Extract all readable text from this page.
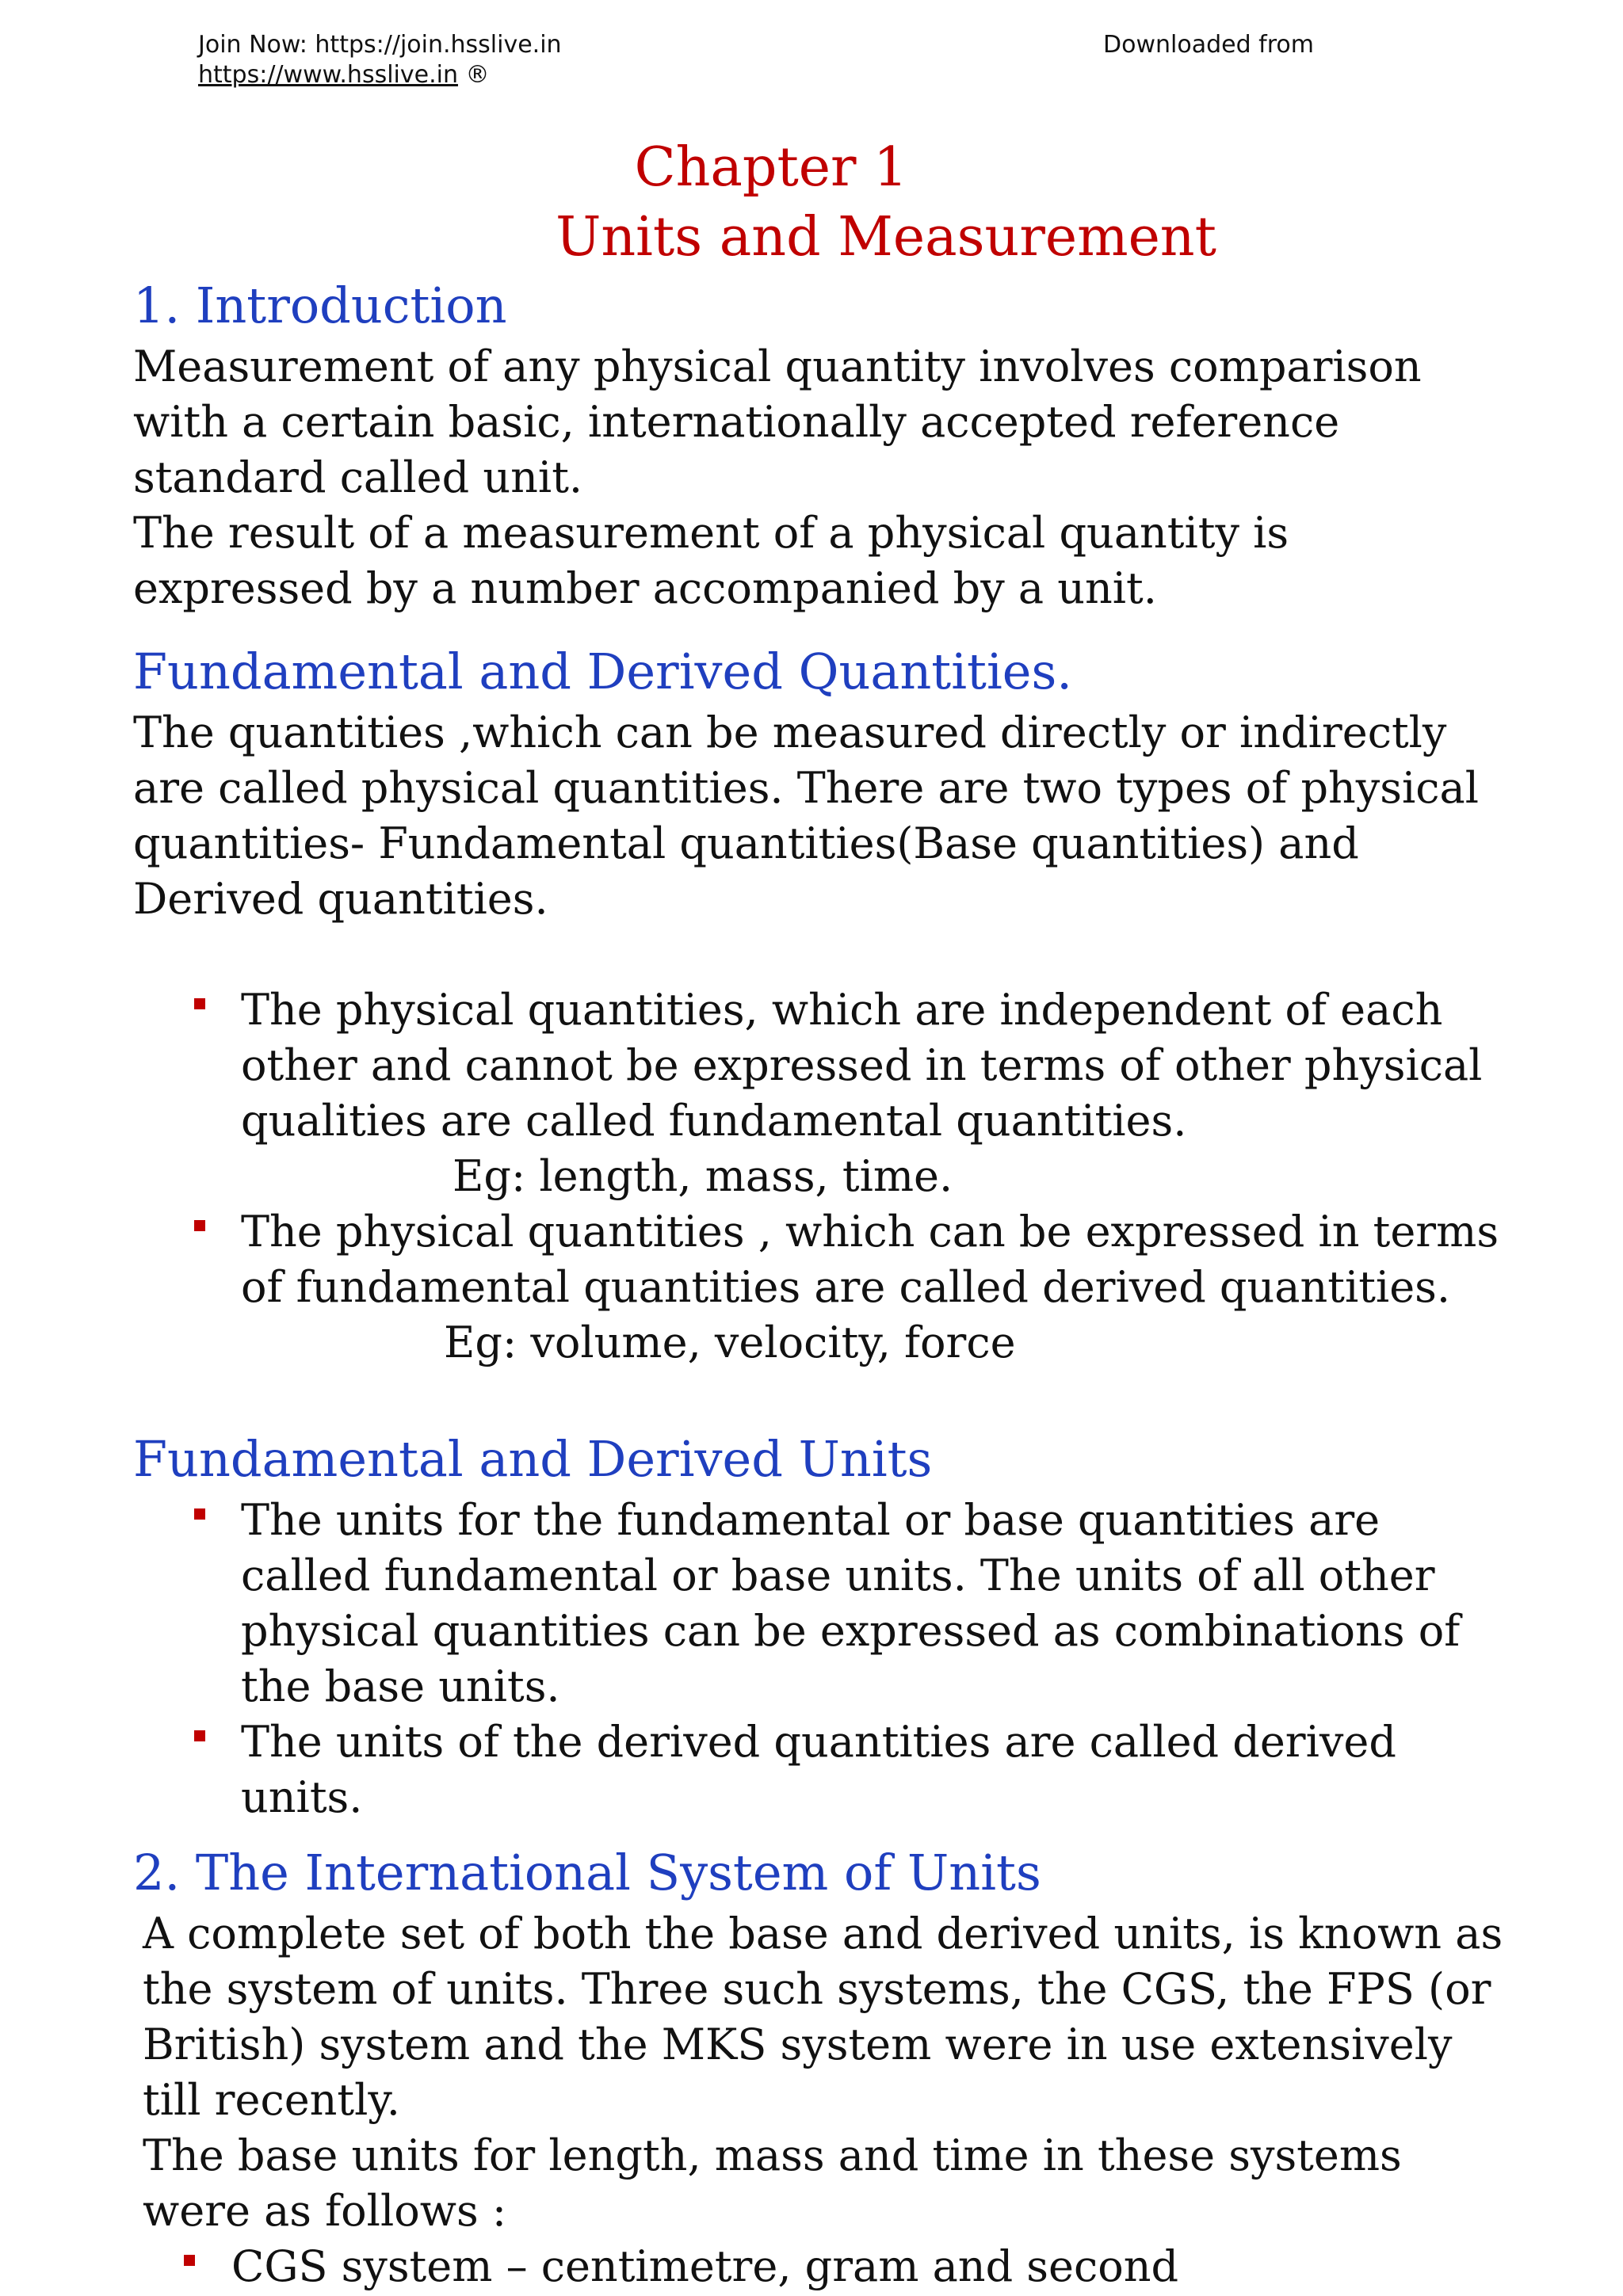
Join Now: https://join.hsslive.in
https://www.hsslive.in ®
Downloaded from
Chapter 1
Units and Measurement
1. Introduction

Measurement of any physical quantity involves comparison with a certain basic, internationally accepted reference standard called unit.

The result of a measurement of a physical quantity is expressed by a number accompanied by a unit.

Fundamental and Derived Quantities.

The quantities ,which can be measured directly or indirectly are called physical quantities. There are two types of physical quantities- Fundamental quantities(Base quantities) and Derived quantities.

The physical quantities, which are independent of each other and cannot be expressed in terms of other physical qualities are called fundamental quantities.

Eg: length, mass, time.

The physical quantities , which can be expressed in terms of fundamental quantities are called derived quantities.

Eg: volume, velocity, force

Fundamental and Derived Units
The units for the fundamental or base quantities are called fundamental or base units. The units of all other physical quantities can be expressed as combinations of the base units.
The units of the derived quantities are called derived units.
2. The International System of Units

A complete set of both the base and derived units, is known as the system of units. Three such systems, the CGS, the FPS (or British) system and the MKS system were in use extensively till recently.

The base units for length, mass and time in these systems were as follows :

CGS system – centimetre, gram and second
